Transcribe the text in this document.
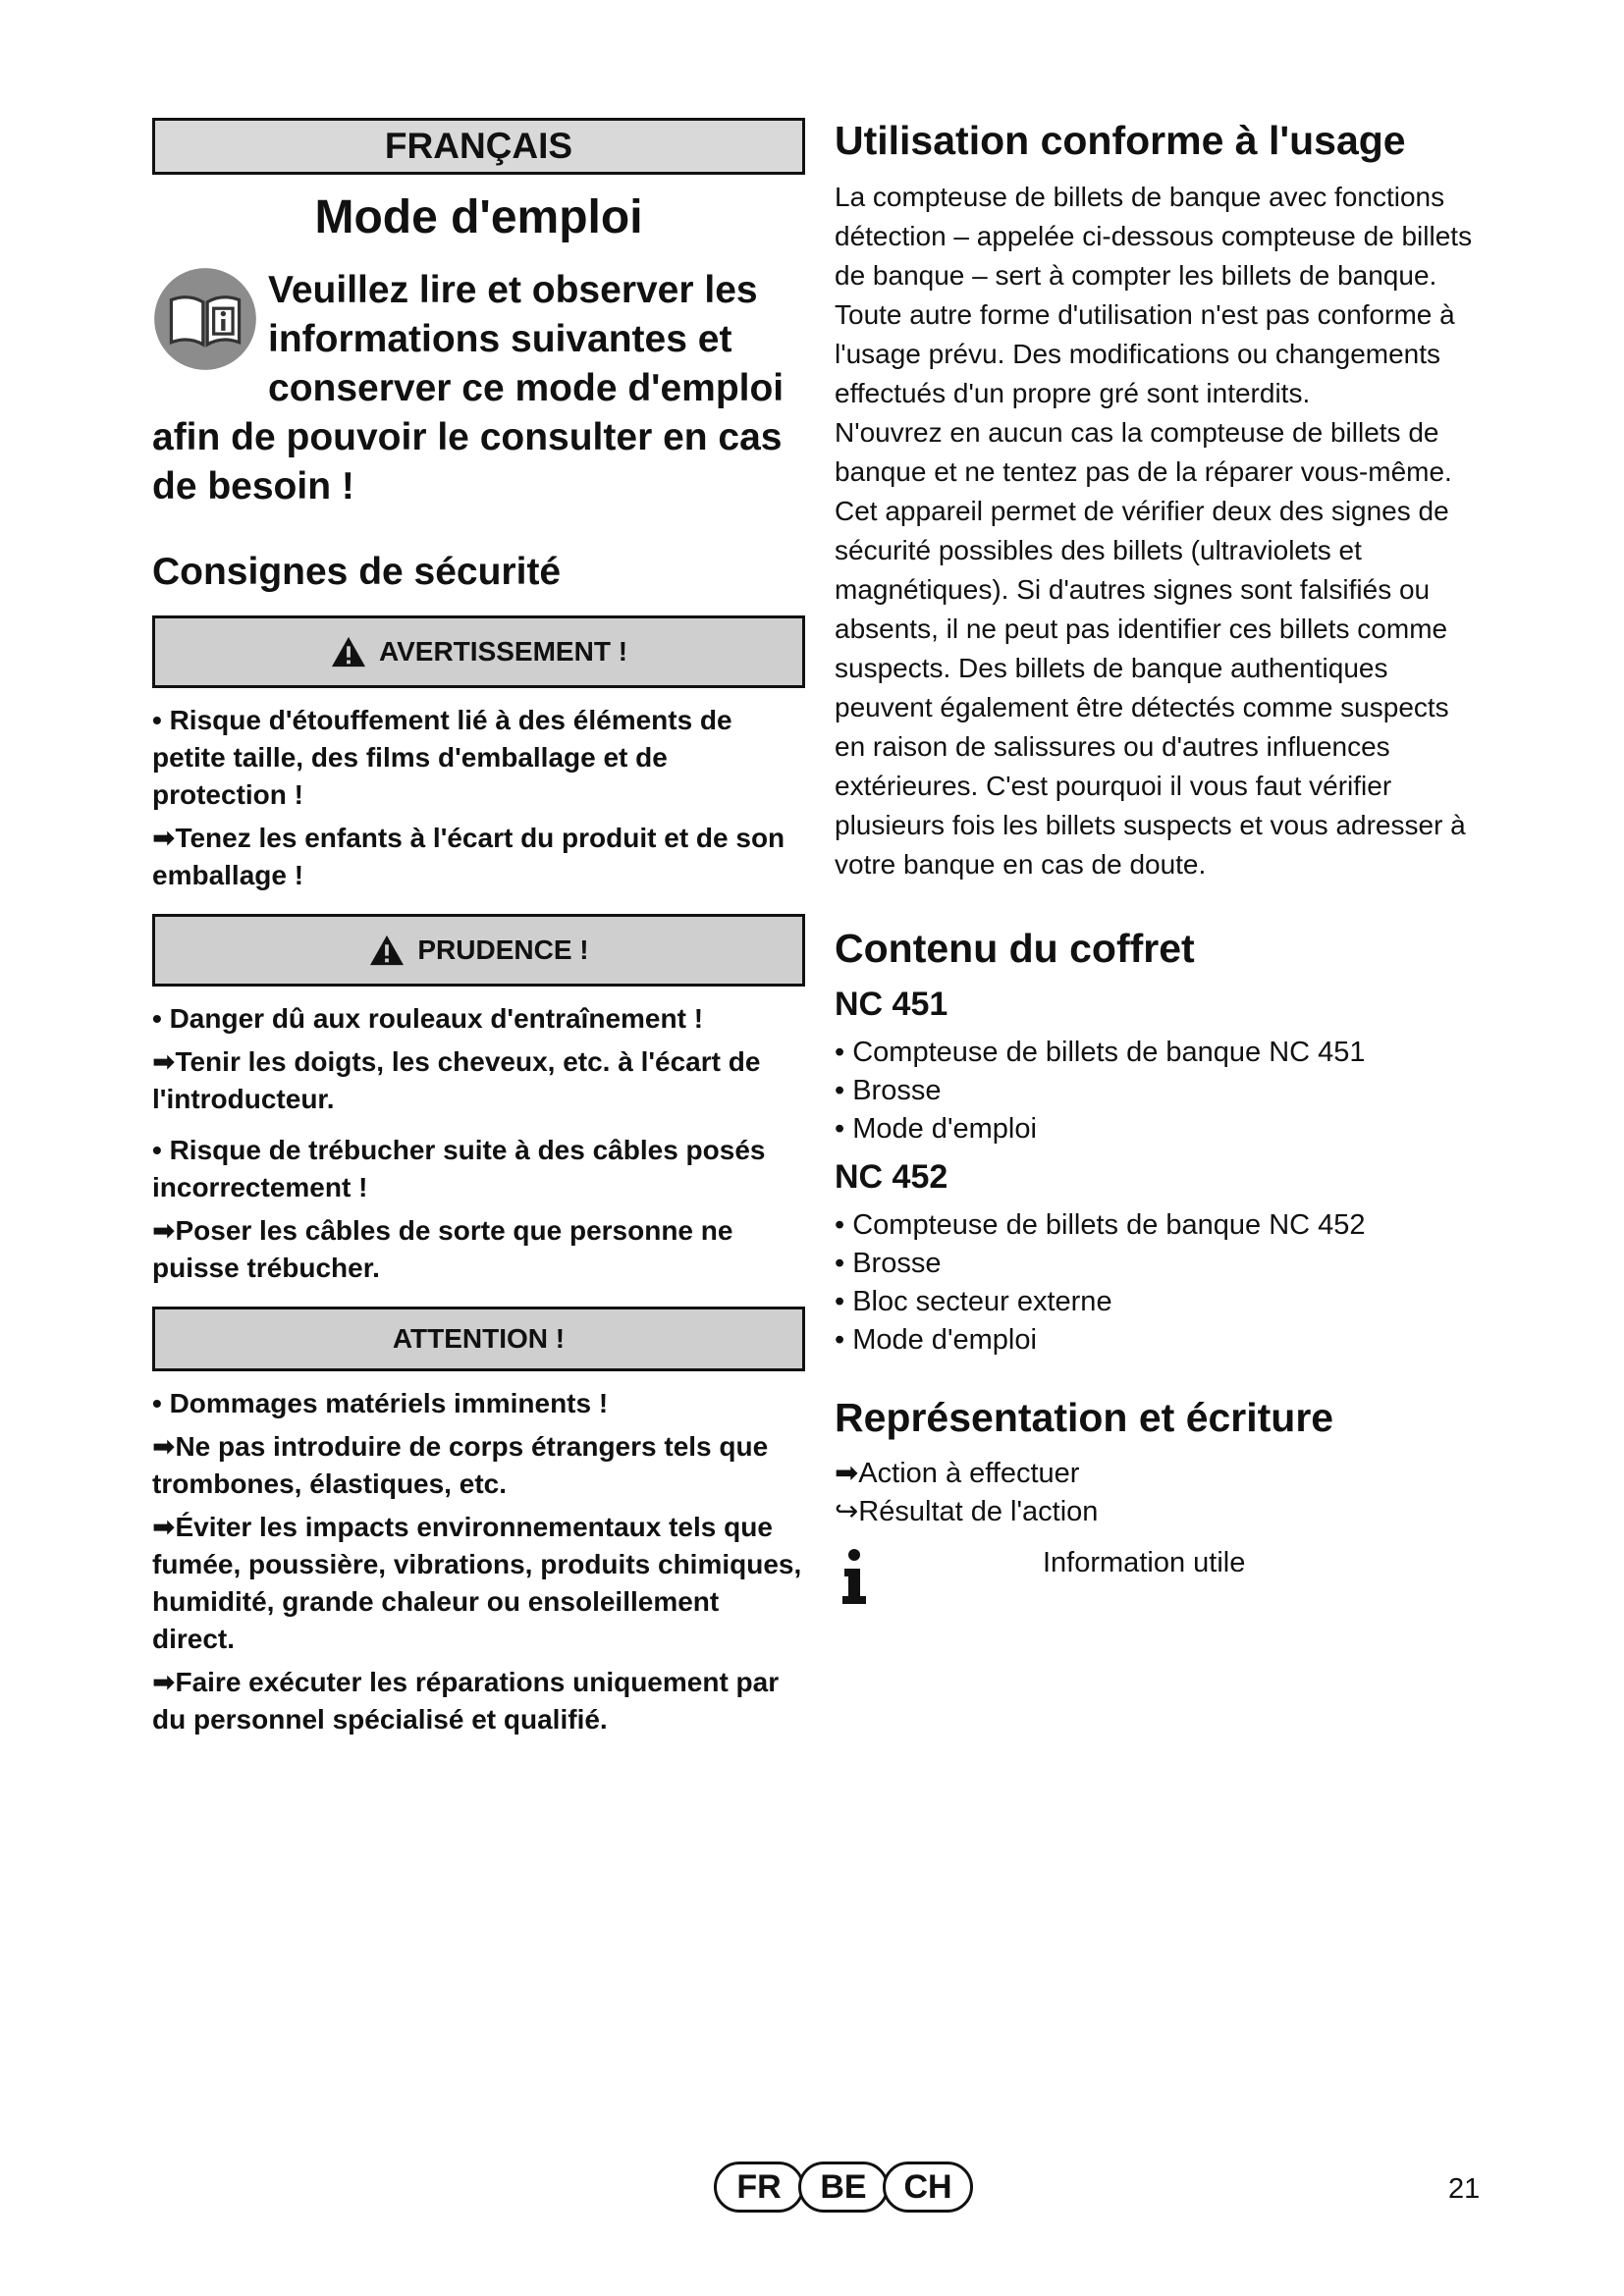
FRANÇAIS
Mode d'emploi
Veuillez lire et observer les informations suivantes et conserver ce mode d'emploi afin de pouvoir le consulter en cas de besoin !
Consignes de sécurité
AVERTISSEMENT !
• Risque d'étouffement lié à des éléments de petite taille, des films d'emballage et de protection !
➡Tenez les enfants à l'écart du produit et de son emballage !
PRUDENCE !
• Danger dû aux rouleaux d'entraînement !
➡Tenir les doigts, les cheveux, etc. à l'écart de l'introducteur.
• Risque de trébucher suite à des câbles posés incorrectement !
➡Poser les câbles de sorte que personne ne puisse trébucher.
ATTENTION !
• Dommages matériels imminents !
➡Ne pas introduire de corps étrangers tels que trombones, élastiques, etc.
➡Éviter les impacts environnementaux tels que fumée, poussière, vibrations, produits chimiques, humidité, grande chaleur ou ensoleillement direct.
➡Faire exécuter les réparations uniquement par du personnel spécialisé et qualifié.
Utilisation conforme à l'usage
La compteuse de billets de banque avec fonctions détection – appelée ci-dessous compteuse de billets de banque – sert à compter les billets de banque. Toute autre forme d'utilisation n'est pas conforme à l'usage prévu. Des modifications ou changements effectués d'un propre gré sont interdits.
N'ouvrez en aucun cas la compteuse de billets de banque et ne tentez pas de la réparer vous-même.
Cet appareil permet de vérifier deux des signes de sécurité possibles des billets (ultraviolets et magnétiques). Si d'autres signes sont falsifiés ou absents, il ne peut pas identifier ces billets comme suspects. Des billets de banque authentiques peuvent également être détectés comme suspects en raison de salissures ou d'autres influences extérieures. C'est pourquoi il vous faut vérifier plusieurs fois les billets suspects et vous adresser à votre banque en cas de doute.
Contenu du coffret
NC 451
• Compteuse de billets de banque NC 451
• Brosse
• Mode d'emploi
NC 452
• Compteuse de billets de banque NC 452
• Brosse
• Bloc secteur externe
• Mode d'emploi
Représentation et écriture
➡Action à effectuer
↪Résultat de l'action
Information utile
FR	BE	CH	21
